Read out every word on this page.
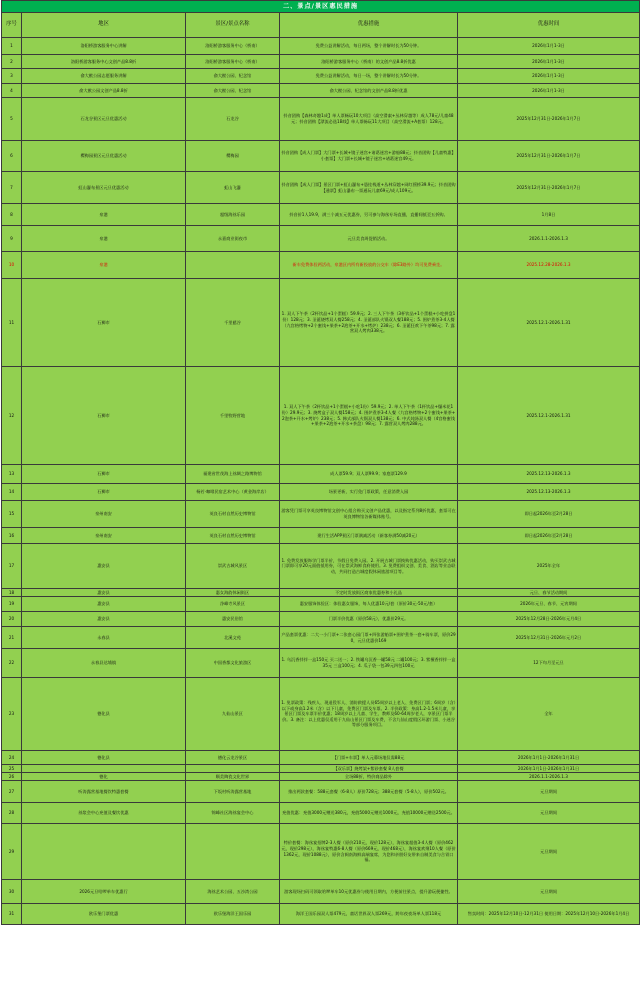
二、景点/景区惠民措施				
序号	地区	景区/景点名称	优惠措施	优惠时间
1	洛阳桥游客服务中心讲解	洛阳桥游客服务中心（桥南）	免费公益讲解活动，每日两场，整个讲解时长为50分钟。	2026年1月1-3日
2	洛阳桥游客服务中心文创产品8.8折	洛阳桥游客服务中心（桥南）	洛阳桥游客服务中心（桥南）的文创产品8.8折优惠	2026年1月1-3日
3	俞大猷公园志愿服务讲解	俞大猷公园、纪念馆	免费公益讲解活动，每日一场，整个讲解时长为50分钟。	2026年1月1-3日
4	俞大猷公园文创产品8.8折	俞大猷公园、纪念馆	俞大猷公园、纪念馆的文创产品8.8折优惠	2026年1月1-3日
5	石龙谷景区元旦优惠活动	石龙谷	抖音团购【森林奇趣1成】单人票畅玩10大项目（高空滑索+丛林穿越等）成人78元/儿童48元；抖音团购【漂流必选1B线】单人票畅玩11大项目（高空滑流+A套票）128元。	2025年12月31日-2026年1月7日
6	樱梅园景区元旦优惠活动	樱梅园	抖音团购【成人门票】大门票+长城+镜子迷宫+诸葛迷宫+游船88元；抖音团购【儿童特惠】小套票】大门票+长城+镜子迷宫+诸葛迷宫49元。	2025年12月31日-2026年1月7日
7	虹山瀑布景区元旦优惠活动	虹山飞瀑	抖音团购【成人门票】景区门票+虹山瀑布+悬挂栈道+丛林穿越+网红摇桥39.9元；抖音团购【通票】虹山瀑布一票通玩儿童69元/成人109元。	2025年12月31日-2026年1月7日
8	泉港	超级海丝乐园	抖音价1人19.9，满三个减五元优惠券，另可参与海丝专场直播，直播间抵至五折购。	1月8日
9	泉港	永嘉商业街夜市	元旦美食周促销活动。	2026.1.1-2026.1.3
10	泉港		新车免费体验两活动，泉港区内所有新投放的公交车（除E3路外）均可免费乘坐。	2025.12.28-2026.1.3
11	石狮市	千里慈谷	1. 双人下午茶（2杯饮品+1个蛋糕）59.9元；2. 三人下午茶（3杯饮品+1个蛋糕+小吃拼盘1份）128元；3. 圣诞烧烤双人餐258元；4. 圣诞部队火锅双人餐188元；5. 围炉煮茶3-4人餐（九宫格烤物+2个蜜饯+果茶+2泡茶+开水+烤炉）238元；6. 圣诞狂欢下午茶98元；7. 露营双人烤肉338元。	2025.12.1-2026.1.31
12	石狮市	千里牧野营地	1. 双人下午茶（2杯饮品+1个蛋糕+小吃1份）59.9元；2. 单人下午茶（1杯饮品+爆米花1份）29.9元；3. 烧烤盒子双人餐158元；4. 围炉煮茶3-4人餐（九宫格烤物+2个蜜饯+果茶+2泡茶+开水+烤炉）238元；5. 韩式部队火锅双人餐138元；6. 中式炖汤双人餐（4宫格蜜饯+果茶+2泡茶+开水+茶盘）98元；7. 露营双人烤肉288元。	2025.12.1-2026.1.31
13	石狮市	福建省世茂海上丝绸之路博物馆	成人票59.9；双人票99.9；家庭票129.9	2025.12.13-2026.1.3
14	石狮市	杨若·咖啡民宿艺术中心（黄金海岸店）	场景更新，实行免门票政策，任意消费入园	2025.12.13-2026.1.3
15	泉州南安	英良石材自然历史博物馆	游客凭门票可享英良博物馆文创中心组合购买文创产品优惠，以及指定系列8折优惠，套票可在英良博物馆各新媒体账号。	即日起2026年至2月28日
16	泉州南安	英良石材自然历史博物馆	建行生活APP景区门票满减活动（新客券满50减20元）	即日起2026年至2月28日
17	惠安县	崇武古城风景区	1. 免费发放服饰学门票半价，节假日免费入园。2. 开展古城门票换购优惠活动，购买崇武古城门票即可享20元面值抵用券，可在崇武海鲜食府使用。3. 免费组织文创、美食、酒店等业态联动，共同打造古城度假休闲旅游项目等。	2025年全年
18	惠安县	惠女海韵休闲街区	不定时发放街区商家优惠券和小礼品	元旦、春节活动期间
19	惠安县	净峰寺风景区	惠安服饰体验区：体验惠女服饰，每人优惠10元/套（原价30元-50元/套）	2026年元旦、春节、元宵期间
20	惠安县	惠安民俗馆	门票半价优惠（原价58元），优惠价29元。	2025年12月28日-2026年元月4日
21	永春县	北溪文苑	产品套票优惠：二大一小门票+二张套心园门票+四张游船票+围炉煮茶一套+骑车票，原价290，元旦优惠价169	2025年12月31日-2026年元月2日
22	永春县达埔镇	中国香都文化旅游区	1. 乌沉香拌拌一盒150元 买二送一；2. 铁罐乌沉香一罐58元 二罐100元；3. 紫檀香拌拌一盒35元 三盒100元；4. 瓜子袋一包39元四包100元	12下旬月至元旦
23	德化县	九仙山景区	1. 免票政策：残疾人、现退役军人、消防救援人员65周岁以上老人、免费区门票；6周岁（含）以下或身高1.2米（含）以下儿童，免费区门票及车票。2. 半价政策：身高1.2-1.5米儿童，享景区门票及车票半价优惠；18周岁以上儿童、学生、教师及60-64周岁老人，享景区门票半价。3. 备注：以上优惠仅适用于九仙山景区门票及车费，不含九仙山度假区环游门票、小迷谷等部分服务项目。	全年
24	德化县	德化云龙谷景区	【门票+车票】单人元幕场地仅需88元	2026年1月1日-2026年1月31日
25			【双乐票】烧烤架+紫砂套餐 8人套餐	2026年1月1日-2026年1月31日
26	德化	顺美陶瓷文化世界	全场88折，特价商品除外	2026.1.1-2026.1.3
27	听涛露营基地餐饮特惠套餐	下坂村听涛露营基地	推出两款套餐：588元套餐（6-8人）原价728元；388元套餐（5-8人），原价502元。	元旦期间
28	丝浆会中心充值及餐饮优惠	锦峰社区海丝宴会中心	充值优惠：充值3000元赠送380元，充值5000元赠送1000元，充值10000元赠送2500元。	元旦期间
29			特价套餐：海丝宴招牌2-3人餐（原价210元，现价128元），海丝宴超值3-4人餐（原价462元，现价298元），海丝宴特惠6-8人餐（原价669元，现价468元），海丝宴欢聚10人餐（原价1362元，现价1088元），原价含闽南海鲜高端宴席，为您和亲朋好友带来自制美食与合胃口福。	元旦期间
30	2026元旦哈啰单车优惠行	海丝艺术公园、五沙湾公园	游客现场扫码可领取哈啰单车10元优惠券与使用日期内，方便前往景点，提升游玩便捷性。	元旦期间
31	欧乐堡门票优惠	欧乐堡海洋王国乐园	海洋王国乐园双人票479元，童话世界双人票269元，跨年夜夜场单人票118元	售卖时间：2025年12月10日-12月31日 使用日期：2025年12月10日-2026年1月4日
